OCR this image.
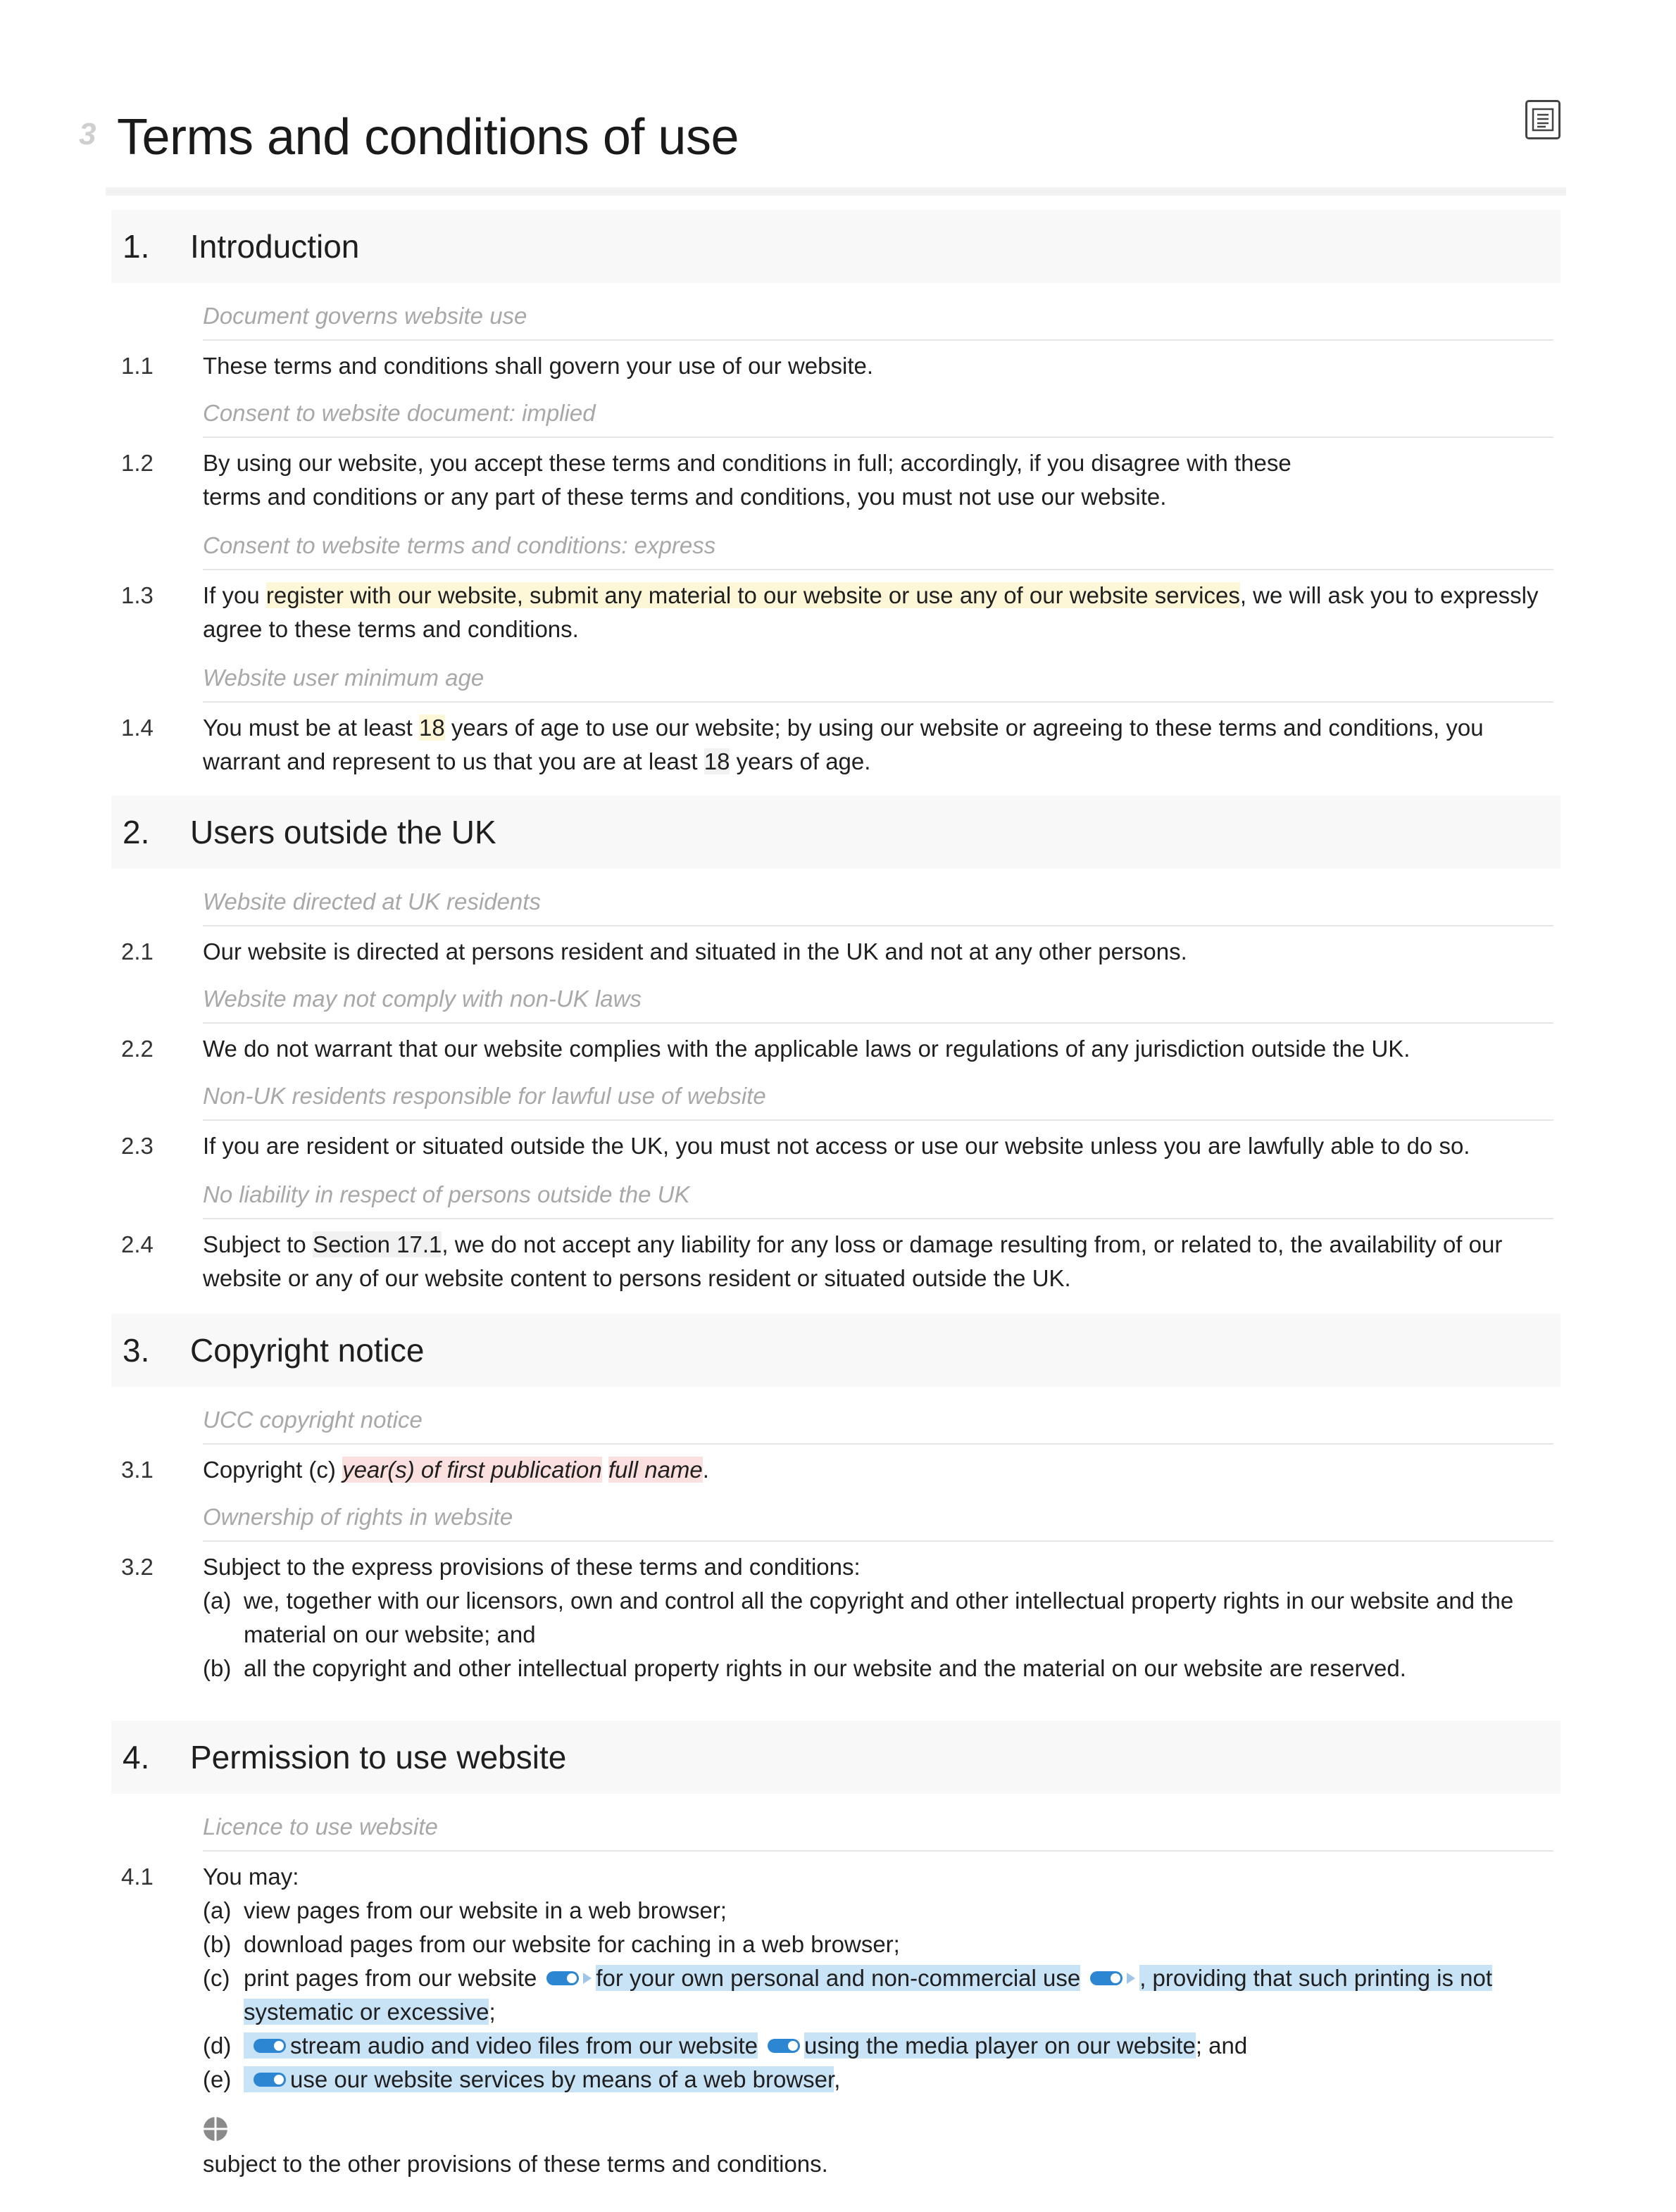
3 Terms and conditions of use
1. Introduction
Document governs website use
1.1 These terms and conditions shall govern your use of our website.
Consent to website document: implied
1.2 By using our website, you accept these terms and conditions in full; accordingly, if you disagree with these terms and conditions or any part of these terms and conditions, you must not use our website.
Consent to website terms and conditions: express
1.3 If you register with our website, submit any material to our website or use any of our website services, we will ask you to expressly agree to these terms and conditions.
Website user minimum age
1.4 You must be at least 18 years of age to use our website; by using our website or agreeing to these terms and conditions, you warrant and represent to us that you are at least 18 years of age.
2. Users outside the UK
Website directed at UK residents
2.1 Our website is directed at persons resident and situated in the UK and not at any other persons.
Website may not comply with non-UK laws
2.2 We do not warrant that our website complies with the applicable laws or regulations of any jurisdiction outside the UK.
Non-UK residents responsible for lawful use of website
2.3 If you are resident or situated outside the UK, you must not access or use our website unless you are lawfully able to do so.
No liability in respect of persons outside the UK
2.4 Subject to Section 17.1, we do not accept any liability for any loss or damage resulting from, or related to, the availability of our website or any of our website content to persons resident or situated outside the UK.
3. Copyright notice
UCC copyright notice
3.1 Copyright (c) year(s) of first publication full name.
Ownership of rights in website
3.2 Subject to the express provisions of these terms and conditions:
(a) we, together with our licensors, own and control all the copyright and other intellectual property rights in our website and the material on our website; and
(b) all the copyright and other intellectual property rights in our website and the material on our website are reserved.
4. Permission to use website
Licence to use website
4.1 You may:
(a) view pages from our website in a web browser;
(b) download pages from our website for caching in a web browser;
(c) print pages from our website	for your own personal and non-commercial use	, providing that such printing is not systematic or excessive;
(d)	stream audio and video files from our website using the media player on our website; and
(e)	use our website services by means of a web browser,
subject to the other provisions of these terms and conditions.
